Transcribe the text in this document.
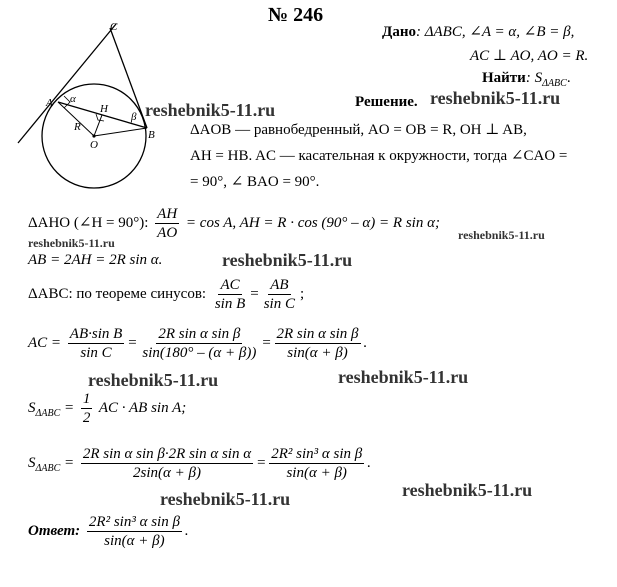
C
A α
H
β
B
R
O
№ 246
Дано: ΔABC, ∠A = α, ∠B = β,
AC ⊥ AO, AO = R.
Найти: $S_{\Delta ABC}$.
Решение.
ΔAOB — равнобедренный, AO = OB = R, OH ⊥ AB,
AH = HB. AC — касательная к окружности, тогда ∠CAO =
= 90°, ∠ BAO = 90°.
ΔAHO (∠H = 90°): $\frac{AH}{AO} = \cos A$, AH = R · cos (90° – α) = R sin α;
AB = 2AH = 2R sin α.
ΔABC: по теореме синусов: $\frac{AC}{\text{sin B}} = \frac{AB}{\text{sin C}}$ ;
AC = $\frac{\text{AB·sin B}}{\text{sin C}} = \frac{\text{2R sin α sin β}}{\sin(180^\circ - (\alpha + \beta))} = \frac{\text{2R sin α sin β}}{\sin(\alpha + \beta)}$ .
$S_{\Delta ABC} = \frac{1}{2}$ AC · AB sin A;
$S_{\Delta ABC} = \frac{\text{2R sin α sin β·2R sin α sin α}}{2\sin(\alpha + \beta)} = \frac{\text{2R² sin³ α sin β}}{\sin(\alpha + \beta)}$ .
Ответ: $\frac{\text{2R² sin³ α sin β}}{\sin(\alpha + \beta)}$ .
reshebnik5-11.ru
reshebnik5-11.ru
reshebnik5-11.ru
reshebnik5-11.ru
reshebnik5-11.ru
reshebnik5-11.ru	reshebnik5-11.ru
reshebnik5-11.ru	reshebnik5-11.ru
